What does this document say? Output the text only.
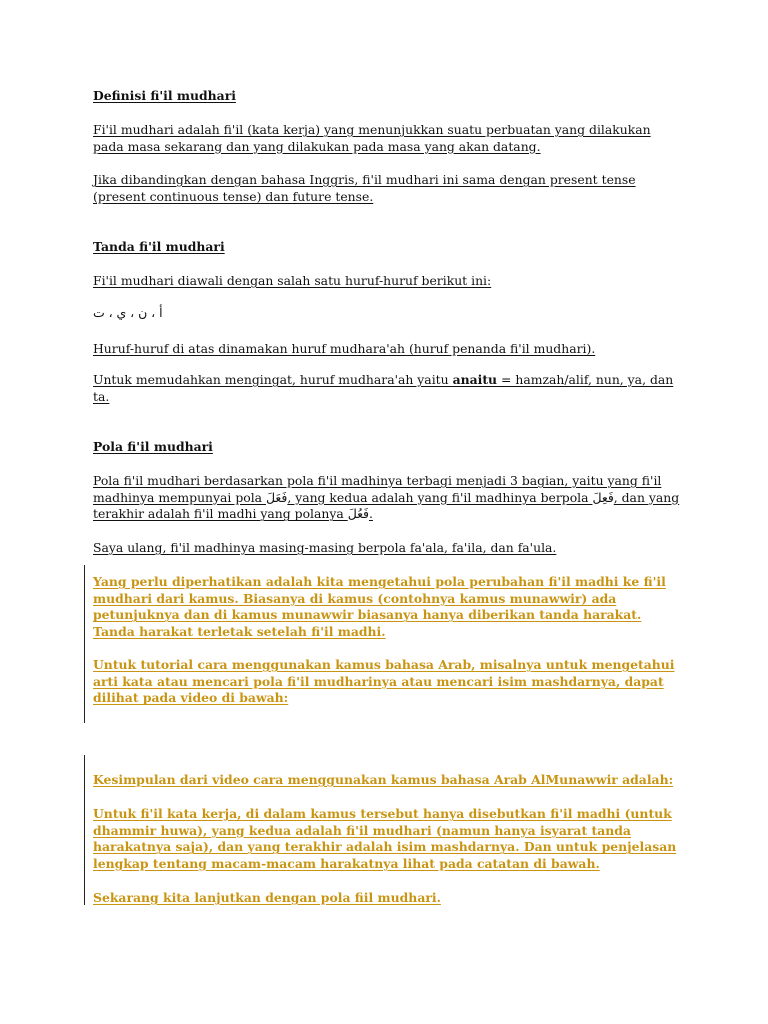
Definisi fi'il mudhari

Fi'il mudhari adalah fi'il (kata kerja) yang menunjukkan suatu perbuatan yang dilakukan pada masa sekarang dan yang dilakukan pada masa yang akan datang.

Jika dibandingkan dengan bahasa Inggris, fi'il mudhari ini sama dengan present tense (present continuous tense) dan future tense.

Tanda fi'il mudhari

Fi'il mudhari diawali dengan salah satu huruf-huruf berikut ini:

أ ، ن ، ي ، ت

Huruf-huruf di atas dinamakan huruf mudhara'ah (huruf penanda fi'il mudhari).

Untuk memudahkan mengingat, huruf mudhara'ah yaitu anaitu = hamzah/alif, nun, ya, dan ta.

Pola fi'il mudhari

Pola fi'il mudhari berdasarkan pola fi'il madhinya terbagi menjadi 3 bagian, yaitu yang fi'il madhinya mempunyai pola فَعَلَ, yang kedua adalah yang fi'il madhinya berpola فَعِلَ, dan yang terakhir adalah fi'il madhi yang polanya فَعُلَ.

Saya ulang, fi'il madhinya masing-masing berpola fa'ala, fa'ila, dan fa'ula.

Yang perlu diperhatikan adalah kita mengetahui pola perubahan fi'il madhi ke fi'il mudhari dari kamus. Biasanya di kamus (contohnya kamus munawwir) ada petunjuknya dan di kamus munawwir biasanya hanya diberikan tanda harakat. Tanda harakat terletak setelah fi'il madhi.

Untuk tutorial cara menggunakan kamus bahasa Arab, misalnya untuk mengetahui arti kata atau mencari pola fi'il mudharinya atau mencari isim mashdarnya, dapat dilihat pada video di bawah:

Kesimpulan dari video cara menggunakan kamus bahasa Arab AlMunawwir adalah:

Untuk fi'il kata kerja, di dalam kamus tersebut hanya disebutkan fi'il madhi (untuk dhammir huwa), yang kedua adalah fi'il mudhari (namun hanya isyarat tanda harakatnya saja), dan yang terakhir adalah isim mashdarnya. Dan untuk penjelasan lengkap tentang macam-macam harakatnya lihat pada catatan di bawah.

Sekarang kita lanjutkan dengan pola fiil mudhari.
